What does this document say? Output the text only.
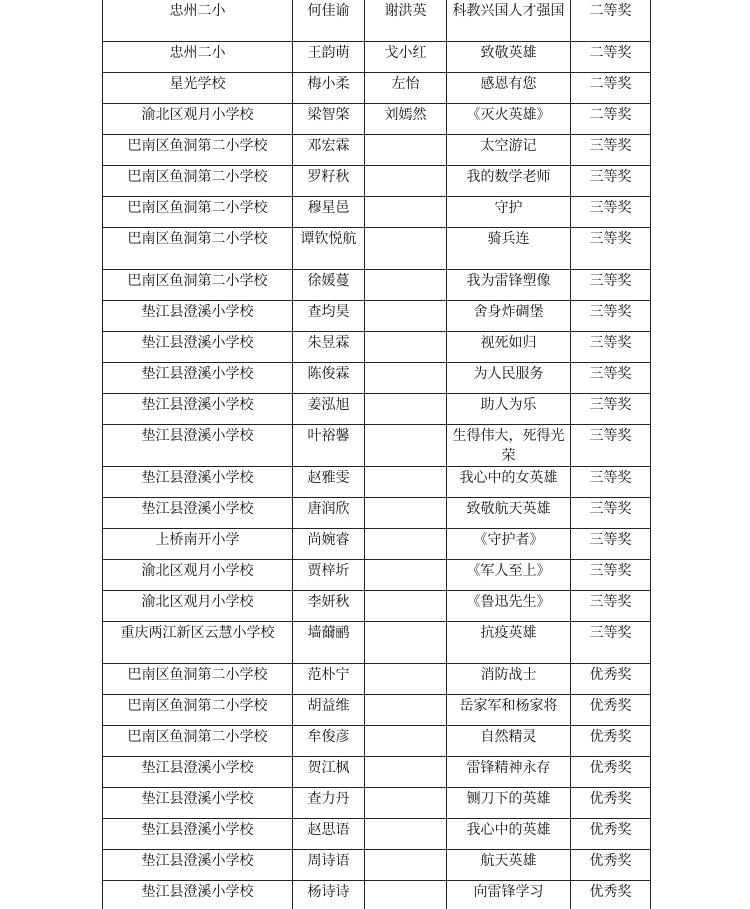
忠州二小	何佳谕	谢洪英	科教兴国人才强国	二等奖
忠州二小	王韵萌	戈小红	致敬英雄	二等奖
星光学校	梅小柔	左怡	感恩有您	二等奖
渝北区观月小学校	梁智棨	刘嫣然	《灭火英雄》	二等奖
巴南区鱼洞第二小学校	邓宏霖		太空游记	三等奖
巴南区鱼洞第二小学校	罗籽秋		我的数学老师	三等奖
巴南区鱼洞第二小学校	穆星邑		守护	三等奖
巴南区鱼洞第二小学校	谭钦悦航		骑兵连	三等奖
巴南区鱼洞第二小学校	徐媛蔓		我为雷锋塑像	三等奖
垫江县澄溪小学校	查均昊		舍身炸碉堡	三等奖
垫江县澄溪小学校	朱昱霖		视死如归	三等奖
垫江县澄溪小学校	陈俊霖		为人民服务	三等奖
垫江县澄溪小学校	姜泓旭		助人为乐	三等奖
垫江县澄溪小学校	叶裕馨		生得伟大，死得光荣	三等奖
垫江县澄溪小学校	赵雅雯		我心中的女英雄	三等奖
垫江县澄溪小学校	唐润欣		致敬航天英雄	三等奖
上桥南开小学	尚婉睿		《守护者》	三等奖
渝北区观月小学校	贾梓圻		《军人至上》	三等奖
渝北区观月小学校	李妍秋		《鲁迅先生》	三等奖
重庆两江新区云慧小学校	墙薾鹂		抗疫英雄	三等奖
巴南区鱼洞第二小学校	范朴宁		消防战士	优秀奖
巴南区鱼洞第二小学校	胡益维		岳家军和杨家将	优秀奖
巴南区鱼洞第二小学校	牟俊彦		自然精灵	优秀奖
垫江县澄溪小学校	贺江枫		雷锋精神永存	优秀奖
垫江县澄溪小学校	查力丹		铡刀下的英雄	优秀奖
垫江县澄溪小学校	赵思语		我心中的英雄	优秀奖
垫江县澄溪小学校	周诗语		航天英雄	优秀奖
垫江县澄溪小学校	杨诗诗		向雷锋学习	优秀奖
